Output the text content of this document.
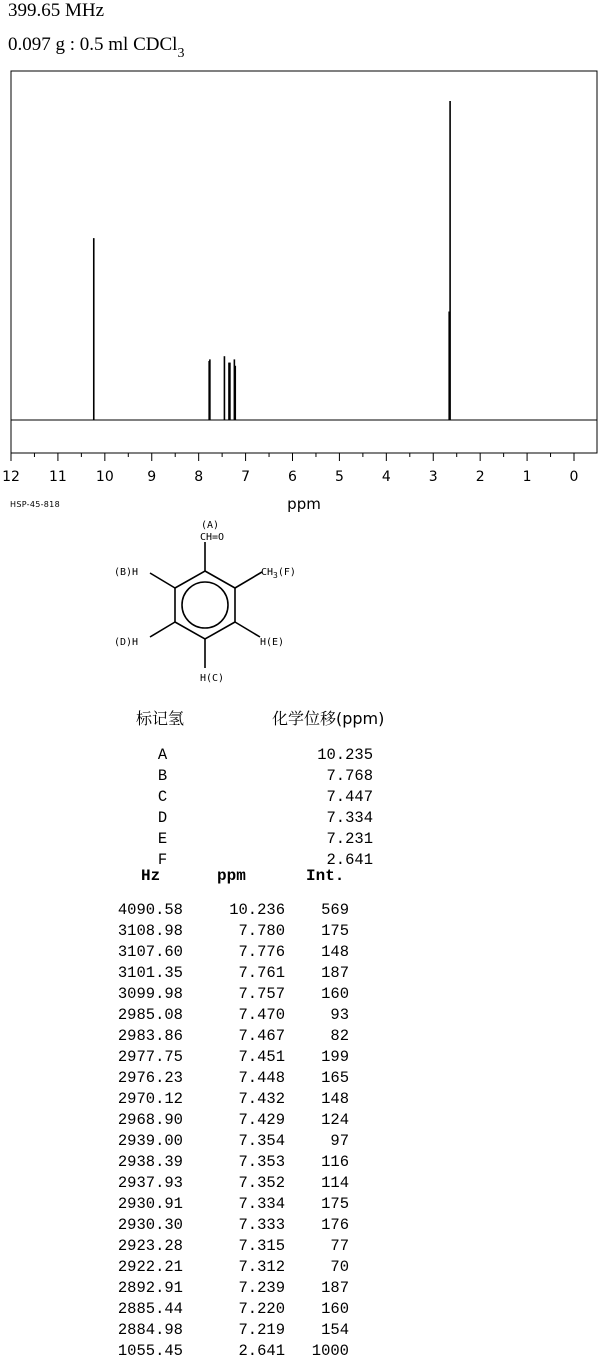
399.65 MHz
0.097 g : 0.5 ml CDCl$_3$
12 11 10 9	8	7	6	5	4	3	2	1	0
ppm
HSP-45-818
(A)
CH=O
(B)H	$CH_3(F)$
(D)H	H(E)
H(C)
标记氢	化学位移(ppm)
A	10.235
B	7.768
C	7.447
D	7.334
E	7.231
F	2.641
Hz	ppm	Int.
4090.58	10.236	569
3108.98	7.780	175
3107.60	7.776	148
3101.35	7.761	187
3099.98	7.757	160
2985.08	7.470	93
2983.86	7.467	82
2977.75	7.451	199
2976.23	7.448	165
2970.12	7.432	148
2968.90	7.429	124
2939.00	7.354	97
2938.39	7.353	116
2937.93	7.352	114
2930.91	7.334	175
2930.30	7.333	176
2923.28	7.315	77
2922.21	7.312	70
2892.91	7.239	187
2885.44	7.220	160
2884.98	7.219	154
1055.45	2.641	1000
